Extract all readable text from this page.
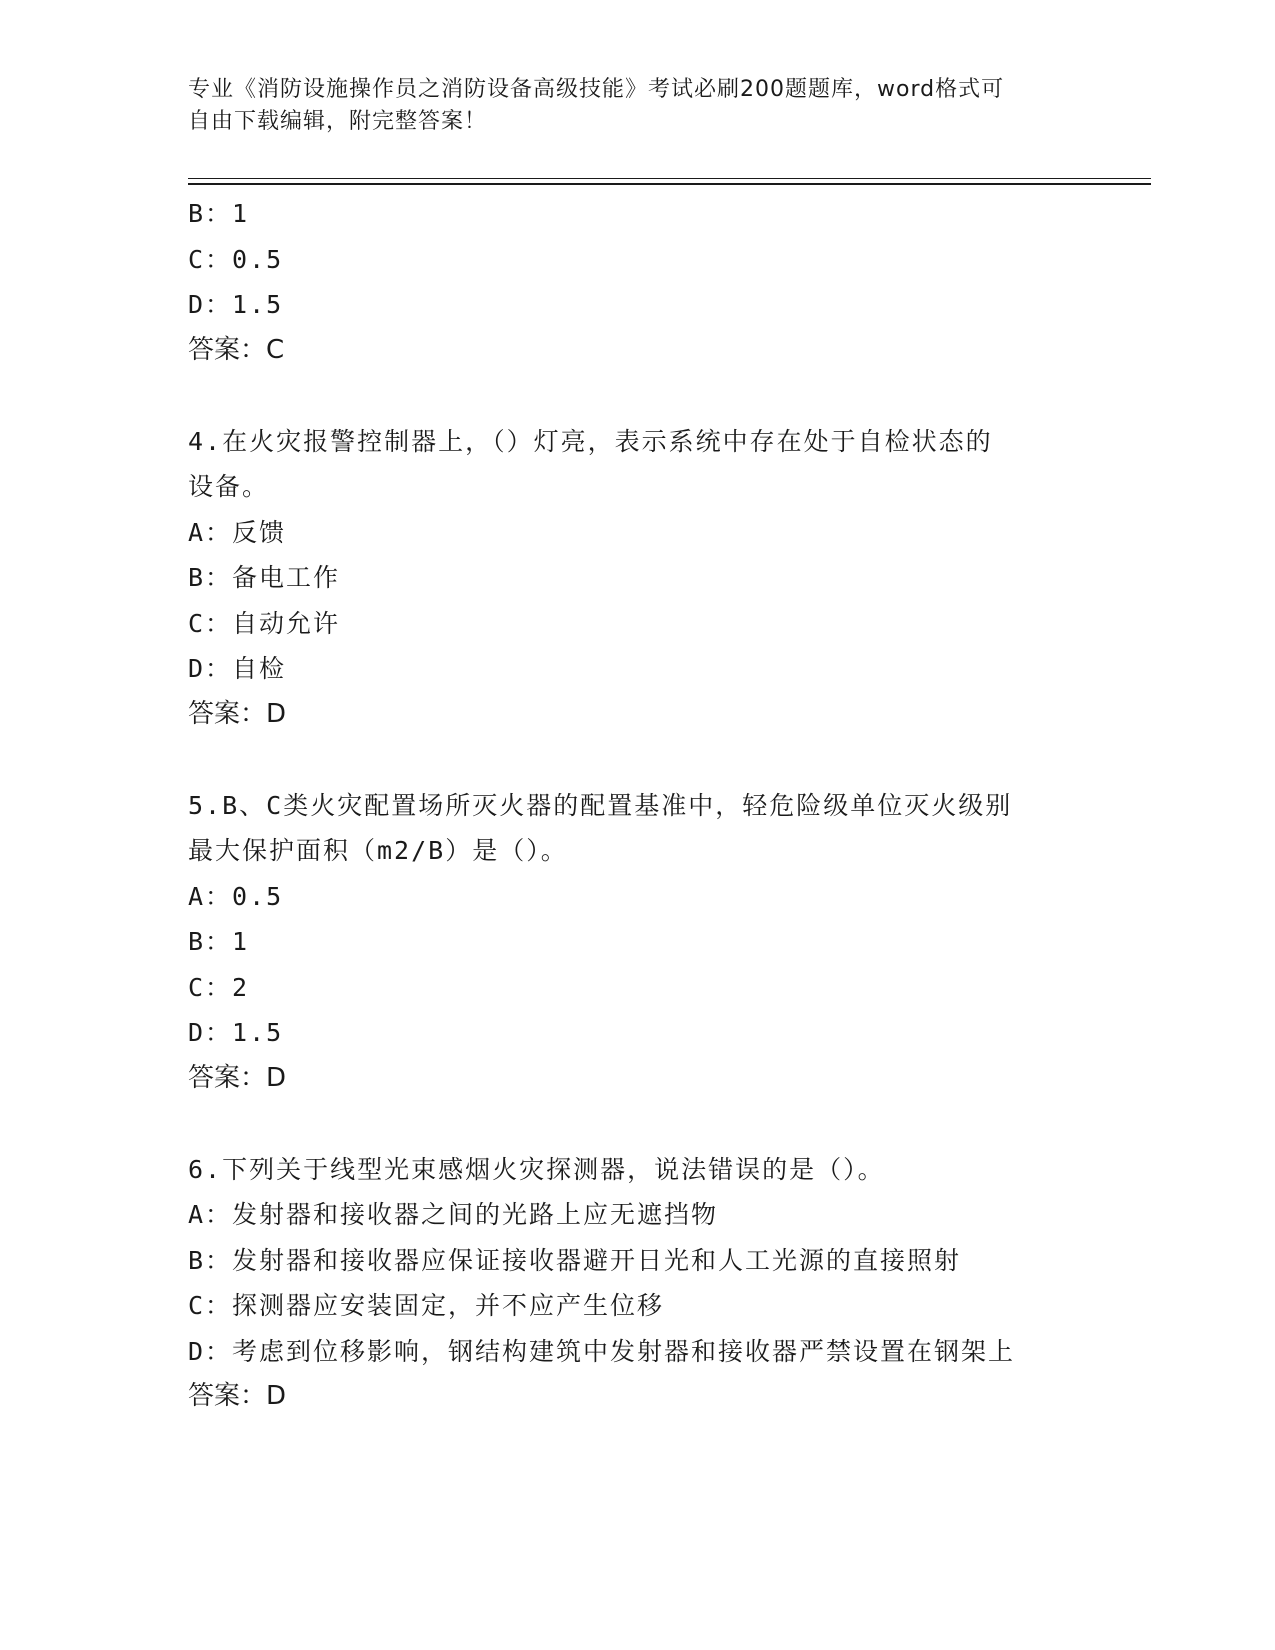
专业《消防设施操作员之消防设备高级技能》考试必刷200题题库，word格式可
自由下载编辑，附完整答案！
B：1
C：0.5
D：1.5
答案：C
4.在火灾报警控制器上，（）灯亮，表示系统中存在处于自检状态的
设备。
A：反馈
B：备电工作
C：自动允许
D：自检
答案：D
5.B、C类火灾配置场所灭火器的配置基准中，轻危险级单位灭火级别
最大保护面积（m2/B）是（）。
A：0.5
B：1
C：2
D：1.5
答案：D
6.下列关于线型光束感烟火灾探测器，说法错误的是（）。
A：发射器和接收器之间的光路上应无遮挡物
B：发射器和接收器应保证接收器避开日光和人工光源的直接照射
C：探测器应安装固定，并不应产生位移
D：考虑到位移影响，钢结构建筑中发射器和接收器严禁设置在钢架上
答案：D
